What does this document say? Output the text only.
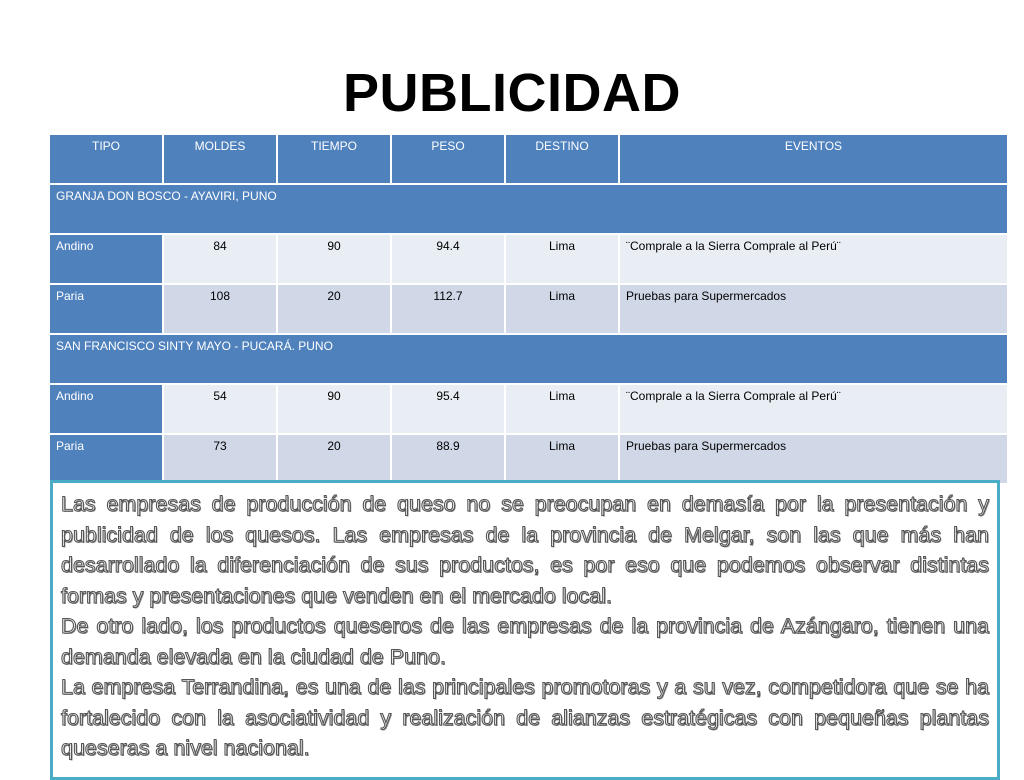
PUBLICIDAD
TIPO	MOLDES	TIEMPO	PESO	DESTINO	EVENTOS
GRANJA DON BOSCO - AYAVIRI, PUNO					
Andino	84	90	94.4	Lima	¨Comprale a la Sierra Comprale al Perú¨
Paria	108	20	112.7	Lima	Pruebas para Supermercados
SAN FRANCISCO SINTY MAYO - PUCARÁ. PUNO					
Andino	54	90	95.4	Lima	¨Comprale a la Sierra Comprale al Perú¨
Paria	73	20	88.9	Lima	Pruebas para Supermercados

Las empresas de producción de queso no se preocupan en demasía por la presentación y publicidad de los quesos. Las empresas de la provincia de Melgar, son las que más han desarrollado la diferenciación de sus productos, es por eso que podemos observar distintas formas y presentaciones que venden en el mercado local.

De otro lado, los productos queseros de las empresas de la provincia de Azángaro, tienen una demanda elevada en la ciudad de Puno.

La empresa Terrandina, es una de las principales promotoras y a su vez, competidora que se ha fortalecido con la asociatividad y realización de alianzas estratégicas con pequeñas plantas queseras a nivel nacional.
